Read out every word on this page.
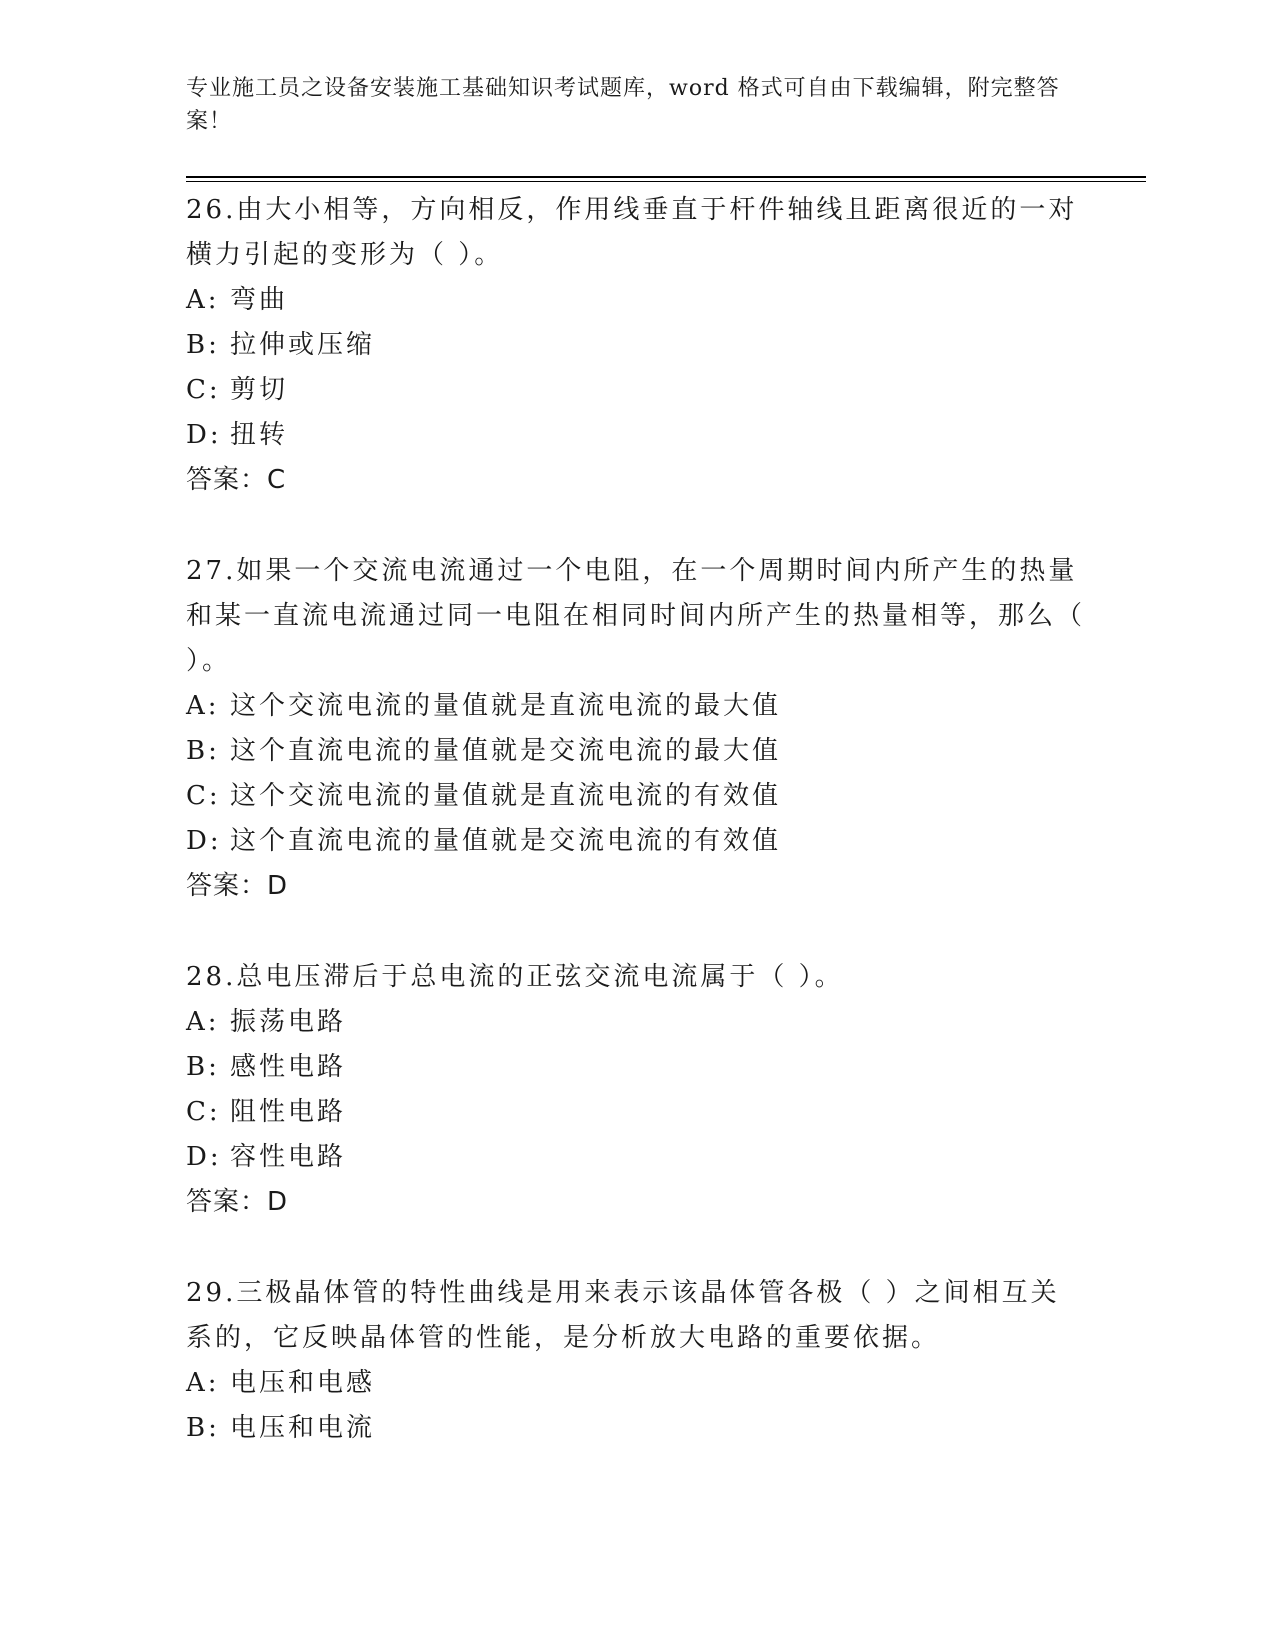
专业施工员之设备安装施工基础知识考试题库，word 格式可自由下载编辑，附完整答案！
26.由大小相等，方向相反，作用线垂直于杆件轴线且距离很近的一对横力引起的变形为（ ）。
A: 弯曲
B: 拉伸或压缩
C: 剪切
D: 扭转
答案：C
27.如果一个交流电流通过一个电阻，在一个周期时间内所产生的热量和某一直流电流通过同一电阻在相同时间内所产生的热量相等，那么（ ）。
A: 这个交流电流的量值就是直流电流的最大值
B: 这个直流电流的量值就是交流电流的最大值
C: 这个交流电流的量值就是直流电流的有效值
D: 这个直流电流的量值就是交流电流的有效值
答案：D
28.总电压滞后于总电流的正弦交流电流属于（ ）。
A: 振荡电路
B: 感性电路
C: 阻性电路
D: 容性电路
答案：D
29.三极晶体管的特性曲线是用来表示该晶体管各极（ ）之间相互关系的，它反映晶体管的性能，是分析放大电路的重要依据。
A: 电压和电感
B: 电压和电流
